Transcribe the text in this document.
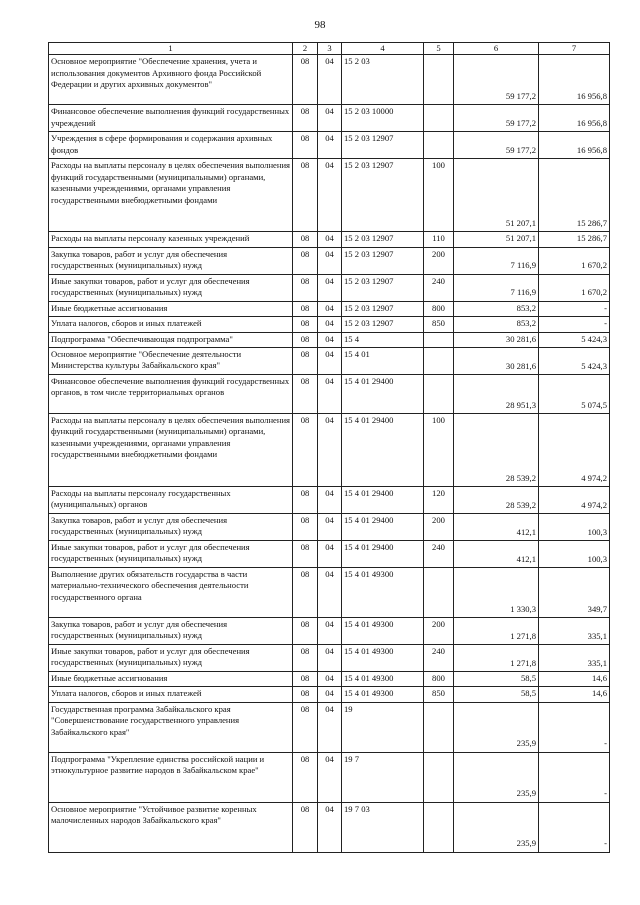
98
1	2	3	4	5	6	7
Основное мероприятие "Обеспечение хранения, учета и использования документов Архивного фонда Российской Федерации и других архивных документов"	08	04	15 2 03		59 177,2	16 956,8
Финансовое обеспечение выполнения функций государственных учреждений	08	04	15 2 03 10000		59 177,2	16 956,8
Учреждения в сфере формирования и содержания архивных фондов	08	04	15 2 03 12907		59 177,2	16 956,8
Расходы на выплаты персоналу в целях обеспечения выполнения функций государственными (муниципальными) органами, казенными учреждениями, органами управления государственными внебюджетными фондами	08	04	15 2 03 12907	100	51 207,1	15 286,7
Расходы на выплаты персоналу казенных учреждений	08	04	15 2 03 12907	110	51 207,1	15 286,7
Закупка товаров, работ и услуг для обеспечения государственных (муниципальных) нужд	08	04	15 2 03 12907	200	7 116,9	1 670,2
Иные закупки товаров, работ и услуг для обеспечения государственных (муниципальных) нужд	08	04	15 2 03 12907	240	7 116,9	1 670,2
Иные бюджетные ассигнования	08	04	15 2 03 12907	800	853,2	-
Уплата налогов, сборов и иных платежей	08	04	15 2 03 12907	850	853,2	-
Подпрограмма "Обеспечивающая подпрограмма"	08	04	15 4		30 281,6	5 424,3
Основное мероприятие "Обеспечение деятельности Министерства культуры Забайкальского края"	08	04	15 4 01		30 281,6	5 424,3
Финансовое обеспечение выполнения функций государственных органов, в том числе территориальных органов	08	04	15 4 01 29400		28 951,3	5 074,5
Расходы на выплаты персоналу в целях обеспечения выполнения функций государственными (муниципальными) органами, казенными учреждениями, органами управления государственными внебюджетными фондами	08	04	15 4 01 29400	100	28 539,2	4 974,2
Расходы на выплаты персоналу государственных (муниципальных) органов	08	04	15 4 01 29400	120	28 539,2	4 974,2
Закупка товаров, работ и услуг для обеспечения государственных (муниципальных) нужд	08	04	15 4 01 29400	200	412,1	100,3
Иные закупки товаров, работ и услуг для обеспечения государственных (муниципальных) нужд	08	04	15 4 01 29400	240	412,1	100,3
Выполнение других обязательств государства в части материально-технического обеспечения деятельности государственного органа	08	04	15 4 01 49300		1 330,3	349,7
Закупка товаров, работ и услуг для обеспечения государственных (муниципальных) нужд	08	04	15 4 01 49300	200	1 271,8	335,1
Иные закупки товаров, работ и услуг для обеспечения государственных (муниципальных) нужд	08	04	15 4 01 49300	240	1 271,8	335,1
Иные бюджетные ассигнования	08	04	15 4 01 49300	800	58,5	14,6
Уплата налогов, сборов и иных платежей	08	04	15 4 01 49300	850	58,5	14,6
Государственная программа Забайкальского края "Совершенствование государственного управления Забайкальского края"	08	04	19		235,9	-
Подпрограмма "Укрепление единства российской нации и этнокультурное развитие народов в Забайкальском крае"	08	04	19 7		235,9	-
Основное мероприятие "Устойчивое развитие коренных малочисленных народов Забайкальского края"	08	04	19 7 03		235,9	-
